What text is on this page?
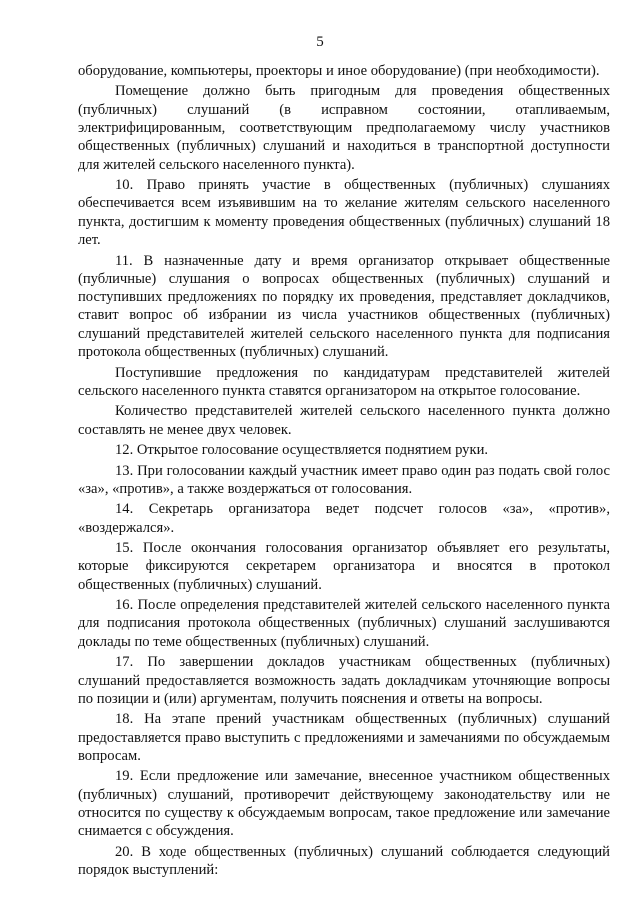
5

оборудование, компьютеры, проекторы и иное оборудование) (при необходимости).

Помещение должно быть пригодным для проведения общественных (публичных) слушаний (в исправном состоянии, отапливаемым, электрифицированным, соответствующим предполагаемому числу участников общественных (публичных) слушаний и находиться в транспортной доступности для жителей сельского населенного пункта).

10. Право принять участие в общественных (публичных) слушаниях обеспечивается всем изъявившим на то желание жителям сельского населенного пункта, достигшим к моменту проведения общественных (публичных) слушаний 18 лет.

11. В назначенные дату и время организатор открывает общественные (публичные) слушания о вопросах общественных (публичных) слушаний и поступивших предложениях по порядку их проведения, представляет докладчиков, ставит вопрос об избрании из числа участников общественных (публичных) слушаний представителей жителей сельского населенного пункта для подписания протокола общественных (публичных) слушаний.

Поступившие предложения по кандидатурам представителей жителей сельского населенного пункта ставятся организатором на открытое голосование.

Количество представителей жителей сельского населенного пункта должно составлять не менее двух человек.

12. Открытое голосование осуществляется поднятием руки.

13. При голосовании каждый участник имеет право один раз подать свой голос «за», «против», а также воздержаться от голосования.

14. Секретарь организатора ведет подсчет голосов «за», «против», «воздержался».

15. После окончания голосования организатор объявляет его результаты, которые фиксируются секретарем организатора и вносятся в протокол общественных (публичных) слушаний.

16. После определения представителей жителей сельского населенного пункта для подписания протокола общественных (публичных) слушаний заслушиваются доклады по теме общественных (публичных) слушаний.

17. По завершении докладов участникам общественных (публичных) слушаний предоставляется возможность задать докладчикам уточняющие вопросы по позиции и (или) аргументам, получить пояснения и ответы на вопросы.

18. На этапе прений участникам общественных (публичных) слушаний предоставляется право выступить с предложениями и замечаниями по обсуждаемым вопросам.

19. Если предложение или замечание, внесенное участником общественных (публичных) слушаний, противоречит действующему законодательству или не относится по существу к обсуждаемым вопросам, такое предложение или замечание снимается с обсуждения.

20. В ходе общественных (публичных) слушаний соблюдается следующий порядок выступлений:
